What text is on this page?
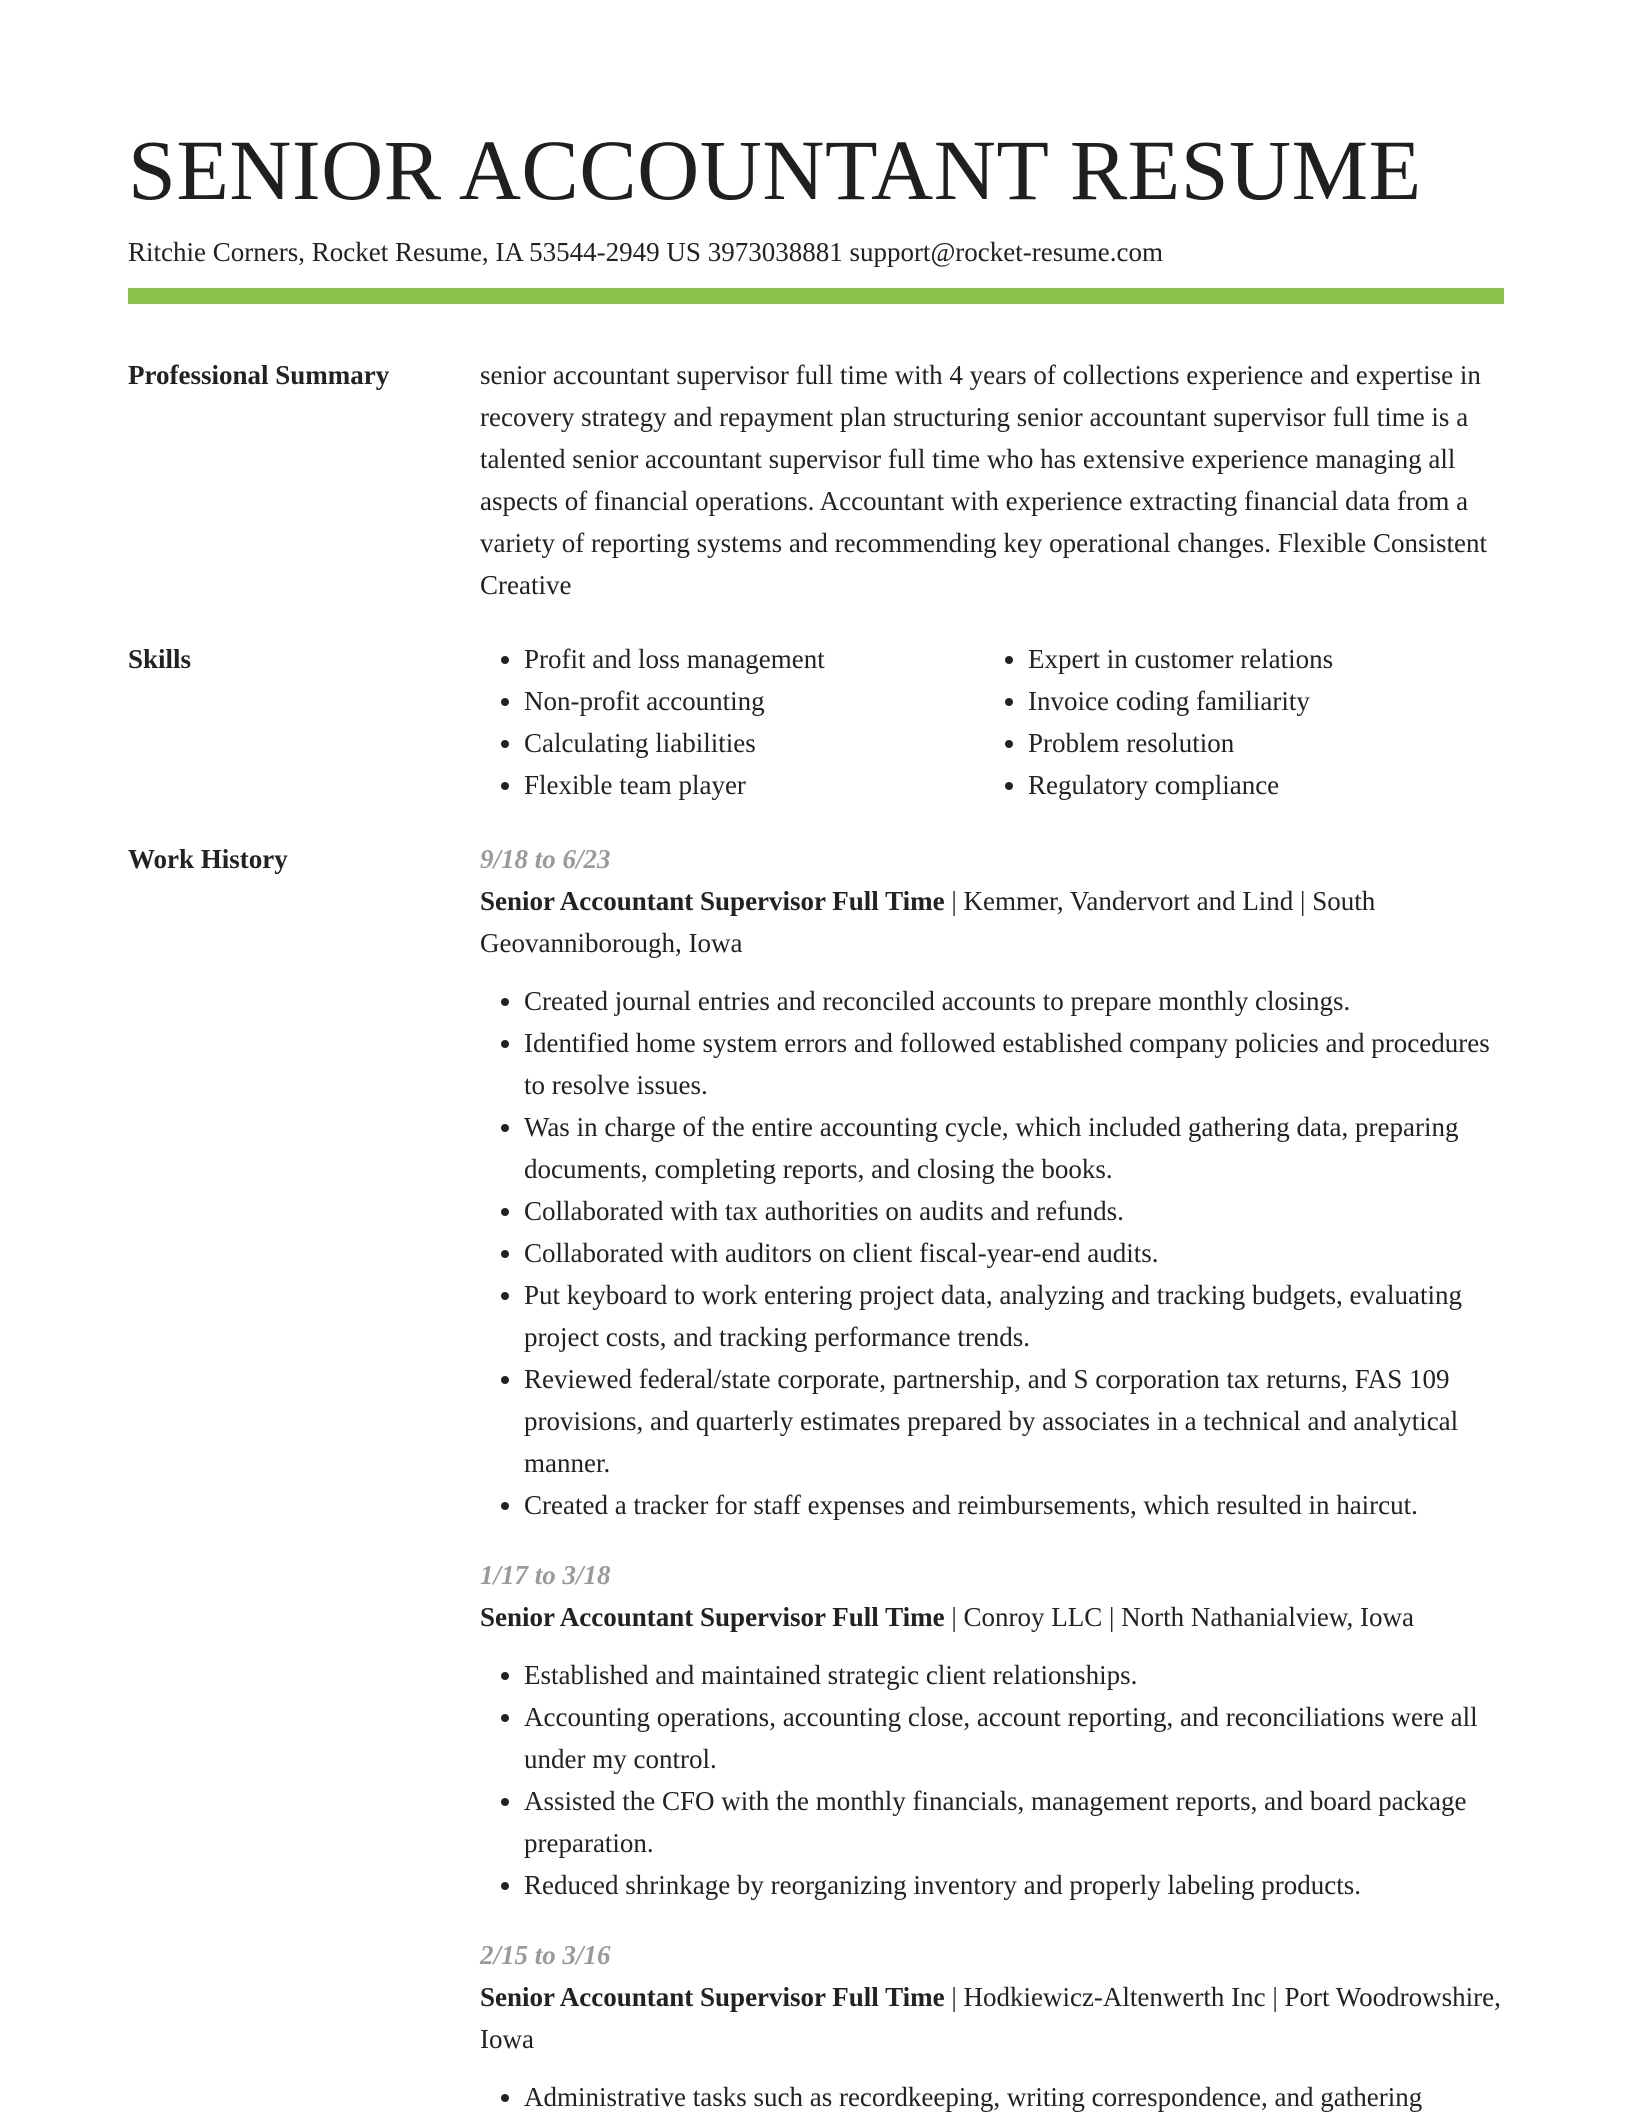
SENIOR ACCOUNTANT RESUME
Ritchie Corners, Rocket Resume, IA 53544-2949 US 3973038881 support@rocket-resume.com
Professional Summary	senior accountant supervisor full time with 4 years of collections experience and expertise in recovery strategy and repayment plan structuring senior accountant supervisor full time is a talented senior accountant supervisor full time who has extensive experience managing all aspects of financial operations. Accountant with experience extracting financial data from a variety of reporting systems and recommending key operational changes. Flexible Consistent Creative

Skills
•	Profit and loss management
• Non-profit accounting
• Calculating liabilities
• Flexible team player
• Expert in customer relations
• Invoice coding familiarity
• Problem resolution
• Regulatory compliance
Work History	9/18 to 6/23
Senior Accountant Supervisor Full Time | Kemmer, Vandervort and Lind | South Geovanniborough, Iowa
• Created journal entries and reconciled accounts to prepare monthly closings.
• Identified home system errors and followed established company policies and procedures to resolve issues.
• Was in charge of the entire accounting cycle, which included gathering data, preparing documents, completing reports, and closing the books.
• Collaborated with tax authorities on audits and refunds.
• Collaborated with auditors on client fiscal-year-end audits.
• Put keyboard to work entering project data, analyzing and tracking budgets, evaluating project costs, and tracking performance trends.
• Reviewed federal/state corporate, partnership, and S corporation tax returns, FAS 109 provisions, and quarterly estimates prepared by associates in a technical and analytical manner.
• Created a tracker for staff expenses and reimbursements, which resulted in haircut.
1/17 to 3/18
Senior Accountant Supervisor Full Time | Conroy LLC | North Nathanialview, Iowa
• Established and maintained strategic client relationships.
• Accounting operations, accounting close, account reporting, and reconciliations were all under my control.
• Assisted the CFO with the monthly financials, management reports, and board package preparation.
• Reduced shrinkage by reorganizing inventory and properly labeling products.
2/15 to 3/16
Senior Accountant Supervisor Full Time | Hodkiewicz-Altenwerth Inc | Port Woodrowshire, Iowa
• Administrative tasks such as recordkeeping, writing correspondence, and gathering
